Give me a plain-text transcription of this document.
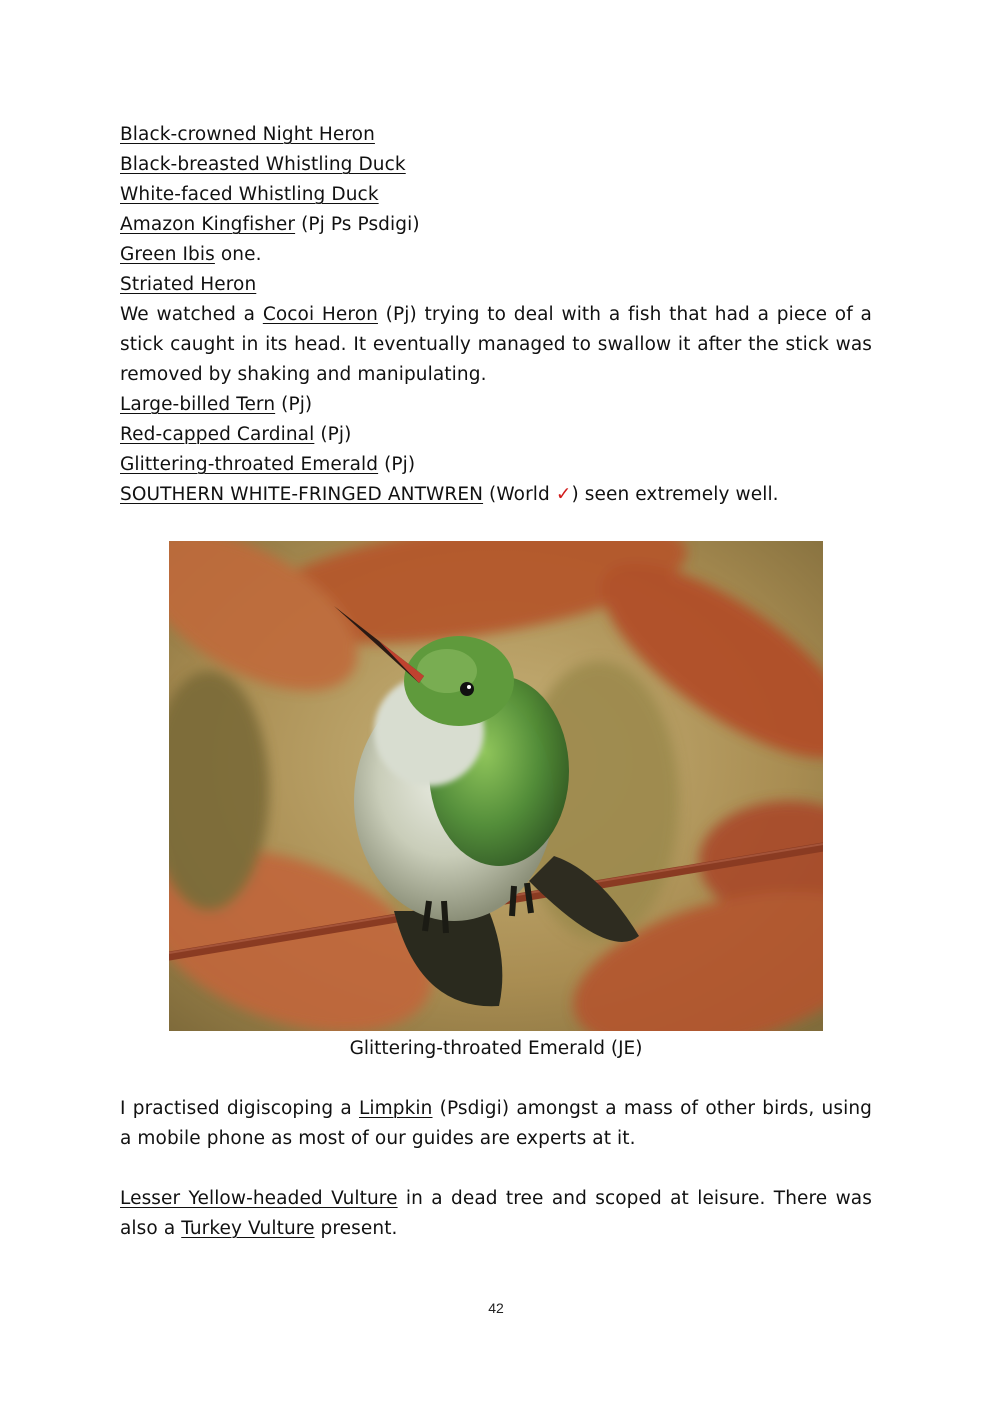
Black-crowned Night Heron
Black-breasted Whistling Duck
White-faced Whistling Duck
Amazon Kingfisher (Pj Ps Psdigi)
Green Ibis one.
Striated Heron
We watched a Cocoi Heron (Pj) trying to deal with a fish that had a piece of a stick caught in its head. It eventually managed to swallow it after the stick was removed by shaking and manipulating.
Large-billed Tern (Pj)
Red-capped Cardinal (Pj)
Glittering-throated Emerald (Pj)
SOUTHERN WHITE-FRINGED ANTWREN (World ✓) seen extremely well.
Glittering-throated Emerald (JE)
I practised digiscoping a Limpkin (Psdigi) amongst a mass of other birds, using a mobile phone as most of our guides are experts at it.
Lesser Yellow-headed Vulture in a dead tree and scoped at leisure. There was also a Turkey Vulture present.
42
